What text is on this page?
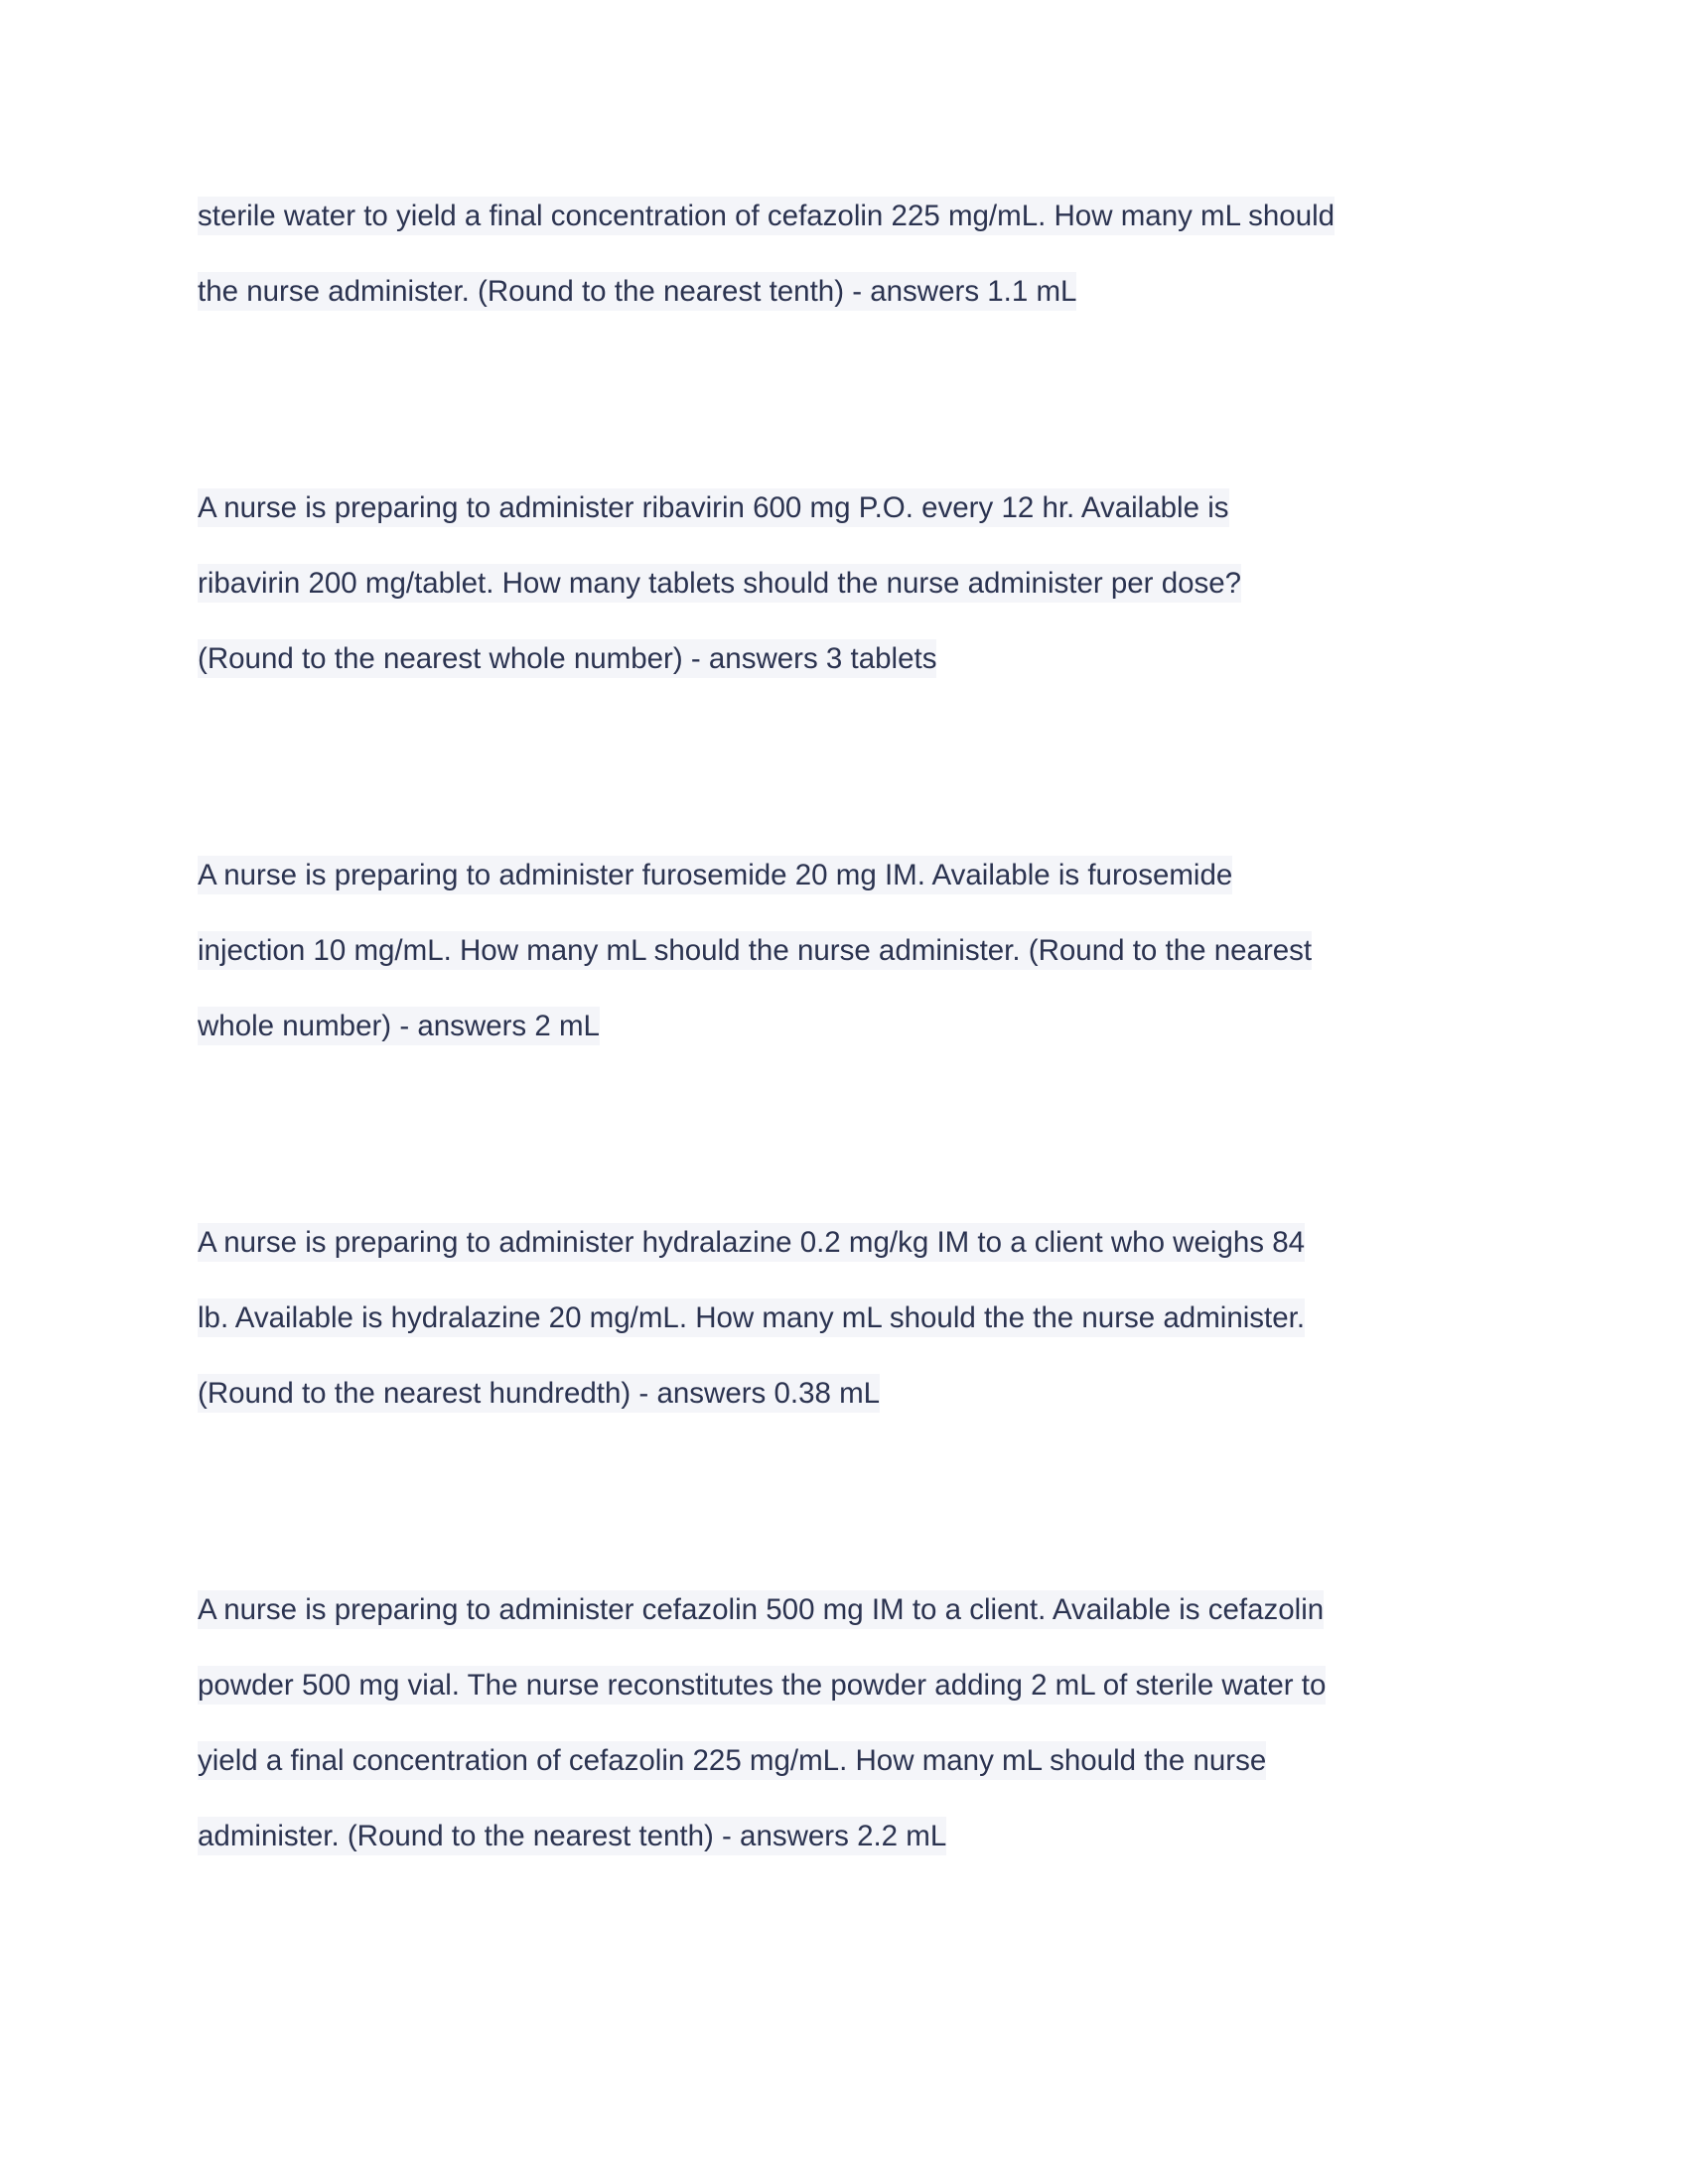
sterile water to yield a final concentration of cefazolin 225 mg/mL. How many mL should
the nurse administer. (Round to the nearest tenth) - answers 1.1 mL
A nurse is preparing to administer ribavirin 600 mg P.O. every 12 hr. Available is
ribavirin 200 mg/tablet. How many tablets should the nurse administer per dose?
(Round to the nearest whole number) - answers 3 tablets
A nurse is preparing to administer furosemide 20 mg IM. Available is furosemide
injection 10 mg/mL. How many mL should the nurse administer. (Round to the nearest
whole number) - answers 2 mL
A nurse is preparing to administer hydralazine 0.2 mg/kg IM to a client who weighs 84
lb. Available is hydralazine 20 mg/mL. How many mL should the the nurse administer.
(Round to the nearest hundredth) - answers 0.38 mL
A nurse is preparing to administer cefazolin 500 mg IM to a client. Available is cefazolin
powder 500 mg vial. The nurse reconstitutes the powder adding 2 mL of sterile water to
yield a final concentration of cefazolin 225 mg/mL. How many mL should the nurse
administer. (Round to the nearest tenth) - answers 2.2 mL
